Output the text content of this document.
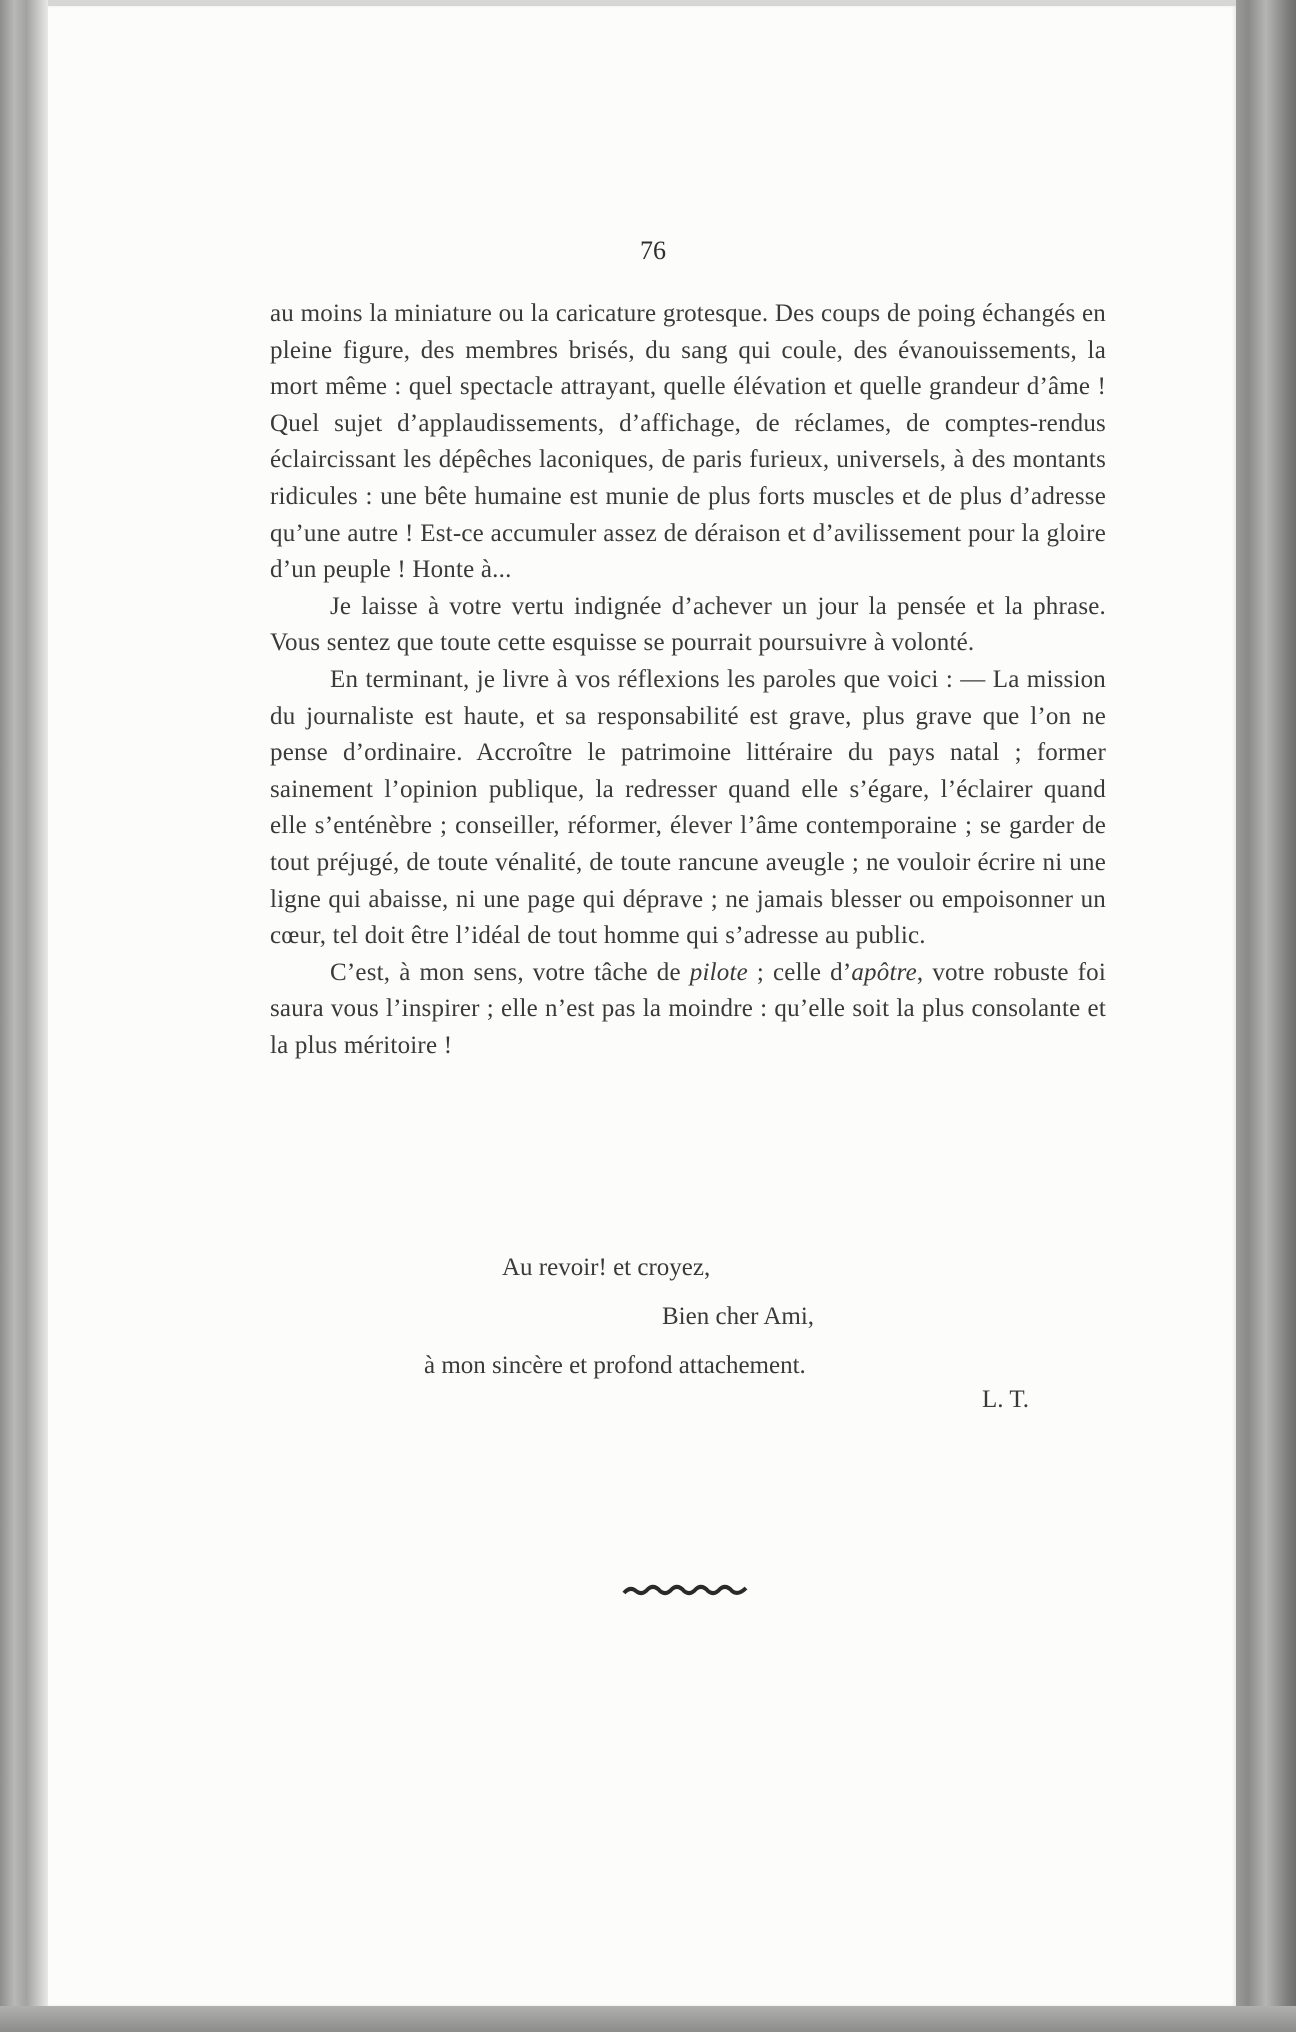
76

au moins la miniature ou la caricature grotesque. Des coups de poing échangés en pleine figure, des membres brisés, du sang qui coule, des évanouissements, la mort même : quel spectacle attrayant, quelle élévation et quelle grandeur d’âme ! Quel sujet d’applaudissements, d’affichage, de réclames, de comptes-rendus éclaircissant les dépêches laconiques, de paris furieux, universels, à des montants ridicules : une bête humaine est munie de plus forts muscles et de plus d’adresse qu’une autre ! Est-ce accumuler assez de déraison et d’avilissement pour la gloire d’un peuple ! Honte à...

Je laisse à votre vertu indignée d’achever un jour la pensée et la phrase. Vous sentez que toute cette esquisse se pourrait poursuivre à volonté.

En terminant, je livre à vos réflexions les paroles que voici : — La mission du journaliste est haute, et sa responsabilité est grave, plus grave que l’on ne pense d’ordinaire. Accroître le patrimoine littéraire du pays natal ; former sainement l’opinion publique, la redresser quand elle s’égare, l’éclairer quand elle s’enténèbre ; conseiller, réformer, élever l’âme contemporaine ; se garder de tout préjugé, de toute vénalité, de toute rancune aveugle ; ne vouloir écrire ni une ligne qui abaisse, ni une page qui déprave ; ne jamais blesser ou empoisonner un cœur, tel doit être l’idéal de tout homme qui s’adresse au public.

C’est, à mon sens, votre tâche de pilote ; celle d’apôtre, votre robuste foi saura vous l’inspirer ; elle n’est pas la moindre : qu’elle soit la plus consolante et la plus méritoire !

Au revoir! et croyez,
Bien cher Ami,
à mon sincère et profond attachement.
L. T.
